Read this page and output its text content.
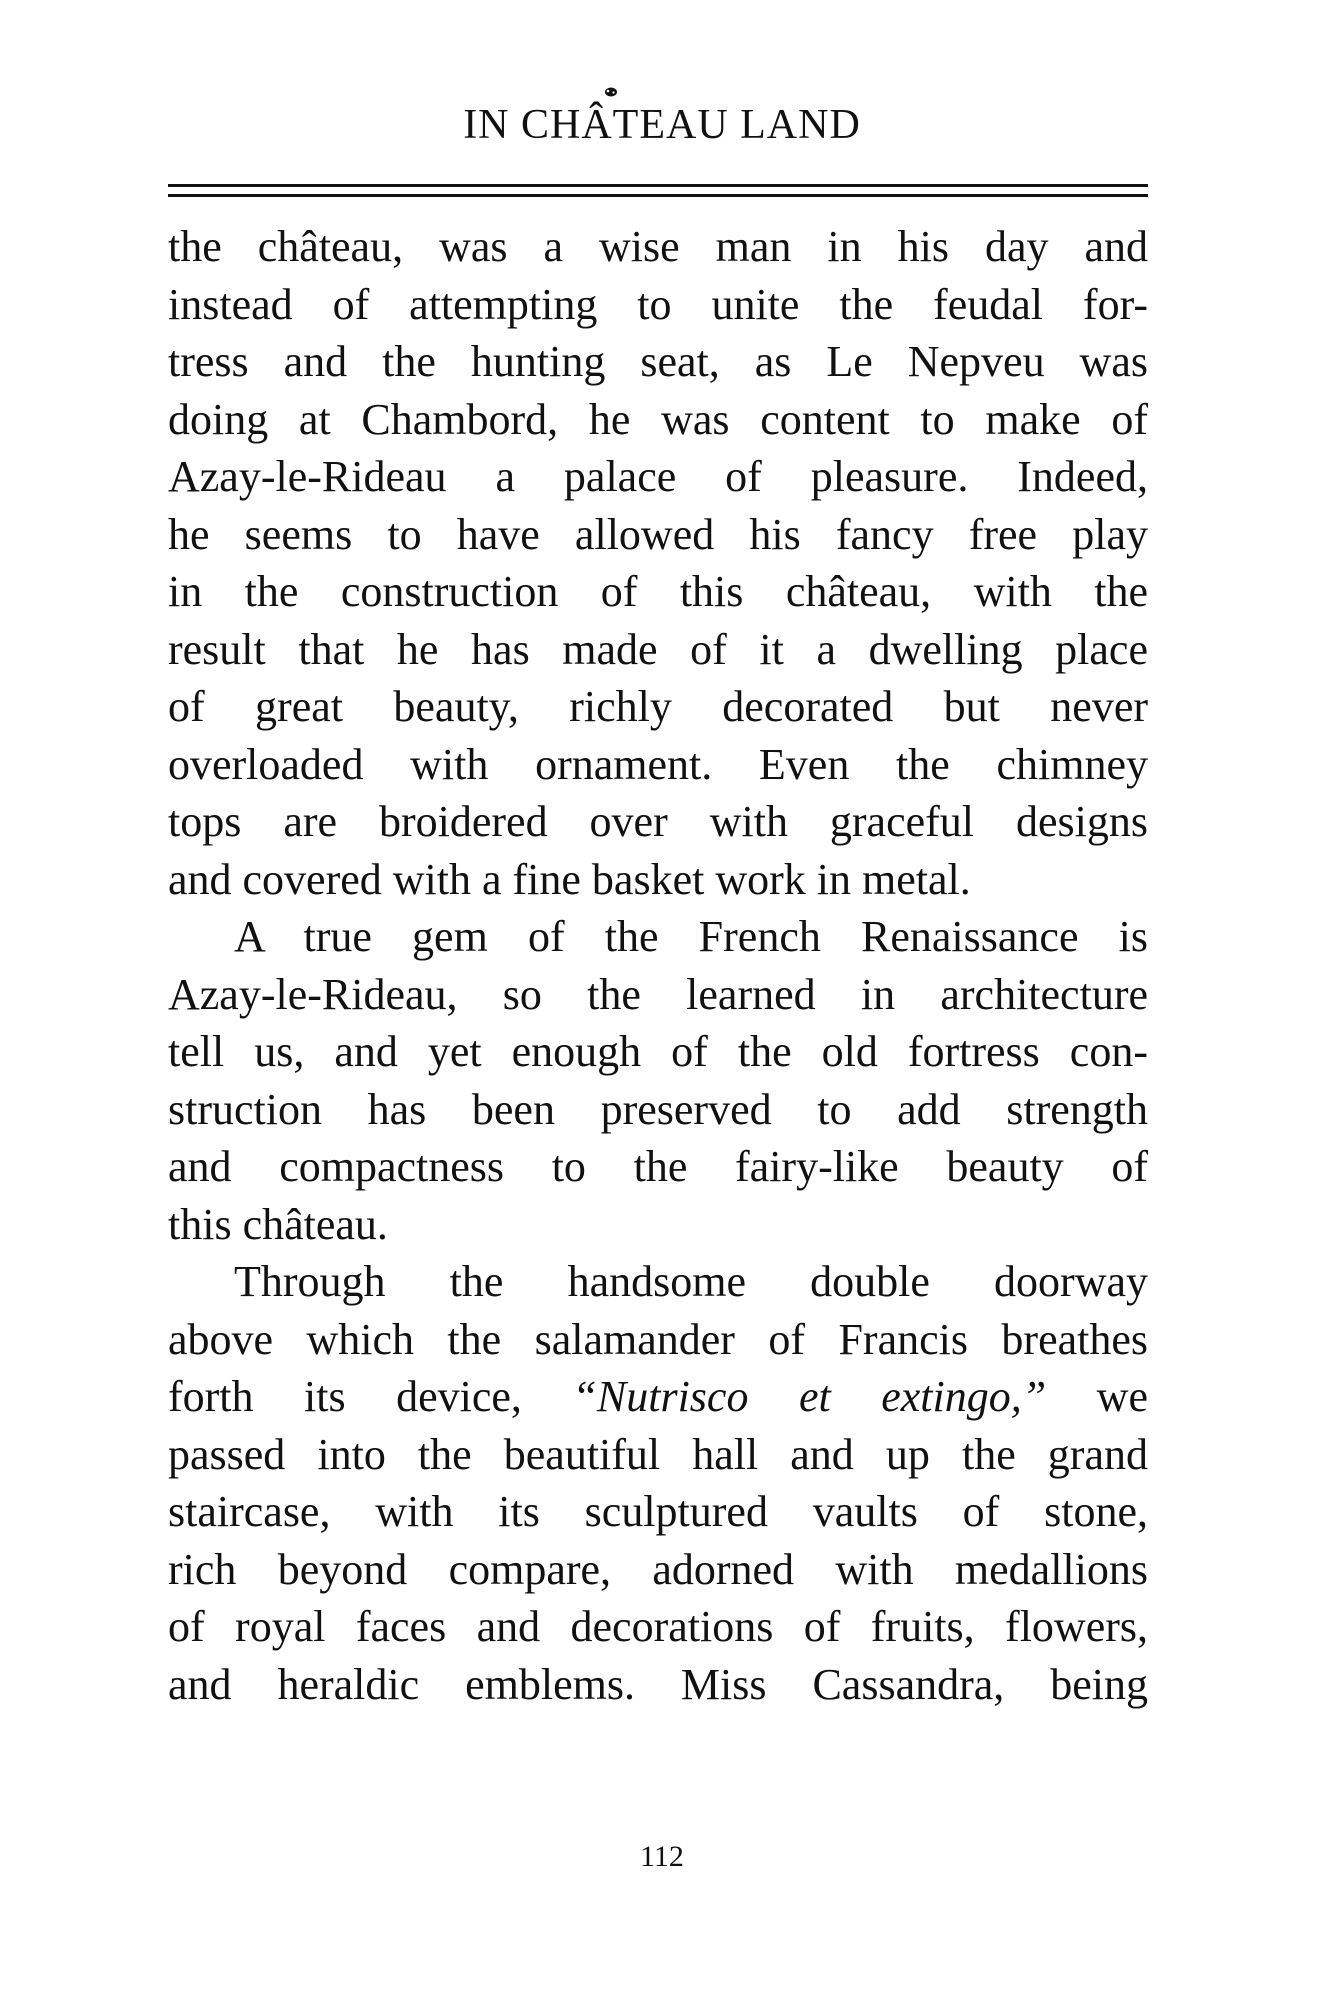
IN CHÂTEAU LAND
the château, was a wise man in his day and
instead of attempting to unite the feudal for-
tress and the hunting seat, as Le Nepveu was
doing at Chambord, he was content to make of
Azay-le-Rideau a palace of pleasure. Indeed,
he seems to have allowed his fancy free play
in the construction of this château, with the
result that he has made of it a dwelling place
of great beauty, richly decorated but never
overloaded with ornament. Even the chimney
tops are broidered over with graceful designs
and covered with a fine basket work in metal.
A true gem of the French Renaissance is
Azay-le-Rideau, so the learned in architecture
tell us, and yet enough of the old fortress con-
struction has been preserved to add strength
and compactness to the fairy-like beauty of
this château.
Through the handsome double doorway
above which the salamander of Francis breathes
forth its device, “Nutrisco et extingo,” we
passed into the beautiful hall and up the grand
staircase, with its sculptured vaults of stone,
rich beyond compare, adorned with medallions
of royal faces and decorations of fruits, flowers,
and heraldic emblems. Miss Cassandra, being
112
